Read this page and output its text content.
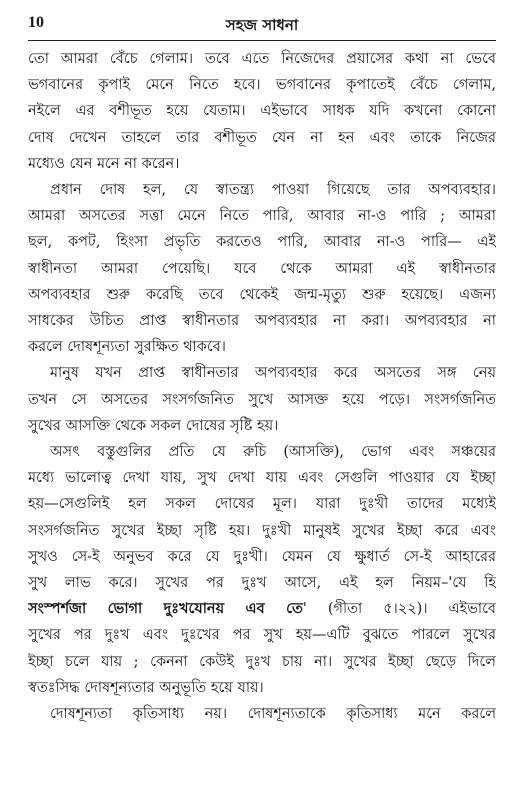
10	সহজ সাধনা
তো আমরা বেঁচে গেলাম। তবে এতে নিজেদের প্রয়াসের কথা না ভেবে
ভগবানের কৃপাই মেনে নিতে হবে। ভগবানের কৃপাতেই বেঁচে গেলাম,
নইলে এর বশীভূত হয়ে যেতাম। এইভাবে সাধক যদি কখনো কোনো
দোষ দেখেন তাহলে তার বশীভূত যেন না হন এবং তাকে নিজের
মধ্যেও যেন মনে না করেন।
প্রধান দোষ হল, যে স্বাতন্ত্র্য পাওয়া গিয়েছে তার অপব্যবহার।
আমরা অসতের সত্তা মেনে নিতে পারি, আবার না-ও পারি ; আমরা
ছল, কপট, হিংসা প্রভৃতি করতেও পারি, আবার না-ও পারি— এই
স্বাধীনতা আমরা পেয়েছি। যবে থেকে আমরা এই স্বাধীনতার
অপব্যবহার শুরু করেছি তবে থেকেই জন্ম-মৃত্যু শুরু হয়েছে। এজন্য
সাধকের উচিত প্রাপ্ত স্বাধীনতার অপব্যবহার না করা। অপব্যবহার না
করলে দোষশূন্যতা সুরক্ষিত থাকবে।
মানুষ যখন প্রাপ্ত স্বাধীনতার অপব্যবহার করে অসতের সঙ্গ নেয়
তখন সে অসতের সংসর্গজনিত সুখে আসক্ত হয়ে পড়ে। সংসর্গজনিত
সুখের আসক্তি থেকে সকল দোষের সৃষ্টি হয়।
অসৎ বস্তুগুলির প্রতি যে রুচি (আসক্তি), ভোগ এবং সঞ্চয়ের
মধ্যে ভালোত্ব দেখা যায়, সুখ দেখা যায় এবং সেগুলি পাওয়ার যে ইচ্ছা
হয়—সেগুলিই হল সকল দোষের মূল। যারা দুঃখী তাদের মধ্যেই
সংসর্গজনিত সুখের ইচ্ছা সৃষ্টি হয়। দুঃখী মানুষই সুখের ইচ্ছা করে এবং
সুখও সে-ই অনুভব করে যে দুঃখী। যেমন যে ক্ষুধার্ত সে-ই আহারের
সুখ লাভ করে। সুখের পর দুঃখ আসে, এই হল নিয়ম–'যে হি
সংস্পর্শজা ভোগা দুঃখযোনয় এব তে' (গীতা ৫।২২)। এইভাবে
সুখের পর দুঃখ এবং দুঃখের পর সুখ হয়—এটি বুঝতে পারলে সুখের
ইচ্ছা চলে যায় ; কেননা কেউই দুঃখ চায় না। সুখের ইচ্ছা ছেড়ে দিলে
স্বতঃসিদ্ধ দোষশূন্যতার অনুভূতি হয়ে যায়।
দোষশূন্যতা কৃতিসাধ্য নয়। দোষশূন্যতাকে কৃতিসাধ্য মনে করলে
